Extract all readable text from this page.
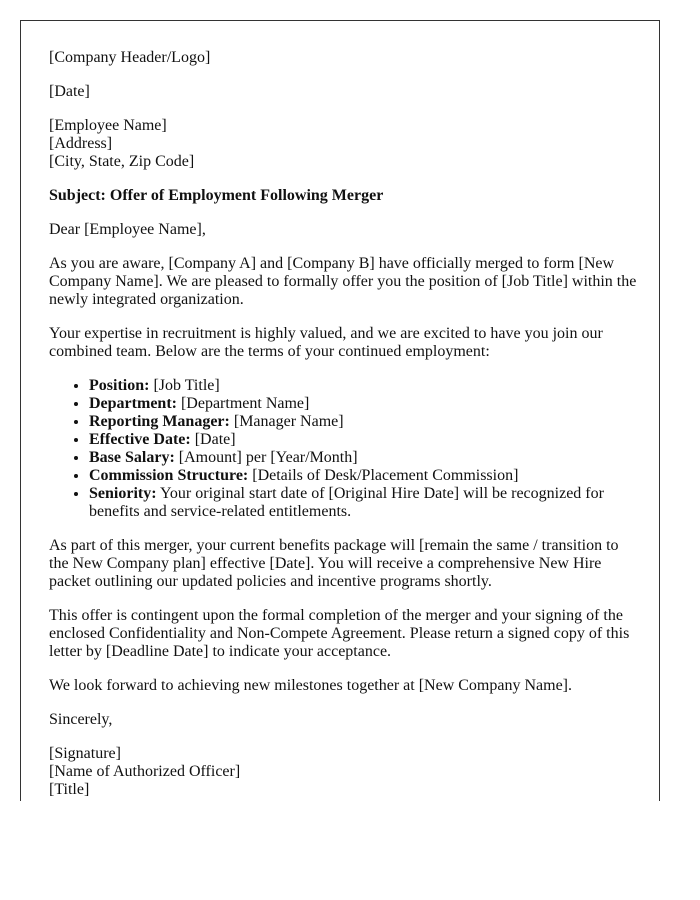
[Company Header/Logo]

[Date]

[Employee Name]
[Address]
[City, State, Zip Code]

Subject: Offer of Employment Following Merger

Dear [Employee Name],

As you are aware, [Company A] and [Company B] have officially merged to form [New Company Name]. We are pleased to formally offer you the position of [Job Title] within the newly integrated organization.

Your expertise in recruitment is highly valued, and we are excited to have you join our combined team. Below are the terms of your continued employment:

• Position: [Job Title]
• Department: [Department Name]
• Reporting Manager: [Manager Name]
• Effective Date: [Date]
• Base Salary: [Amount] per [Year/Month]
• Commission Structure: [Details of Desk/Placement Commission]
• Seniority: Your original start date of [Original Hire Date] will be recognized for benefits and service-related entitlements.

As part of this merger, your current benefits package will [remain the same / transition to the New Company plan] effective [Date]. You will receive a comprehensive New Hire packet outlining our updated policies and incentive programs shortly.

This offer is contingent upon the formal completion of the merger and your signing of the enclosed Confidentiality and Non-Compete Agreement. Please return a signed copy of this letter by [Deadline Date] to indicate your acceptance.

We look forward to achieving new milestones together at [New Company Name].

Sincerely,

[Signature]
[Name of Authorized Officer]
[Title]
